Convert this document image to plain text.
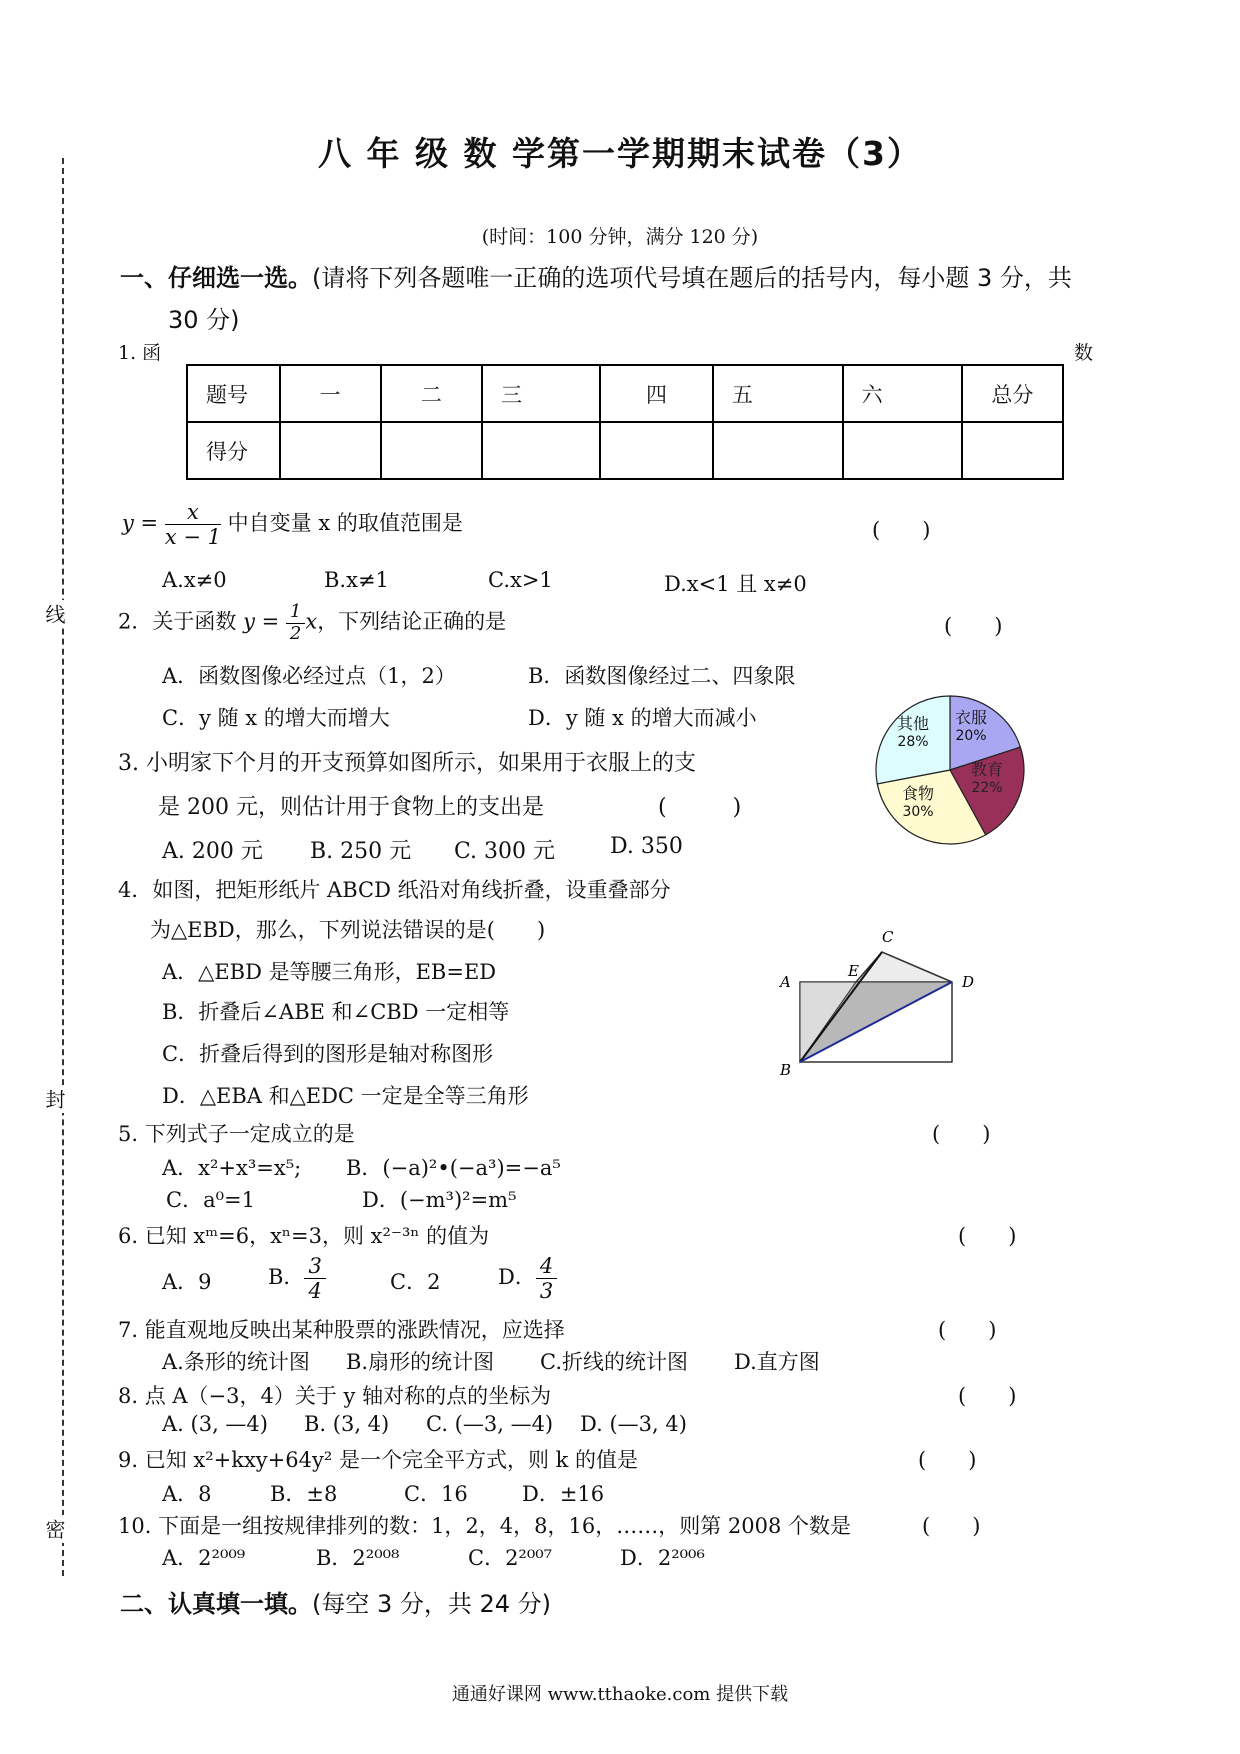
线
封
密
八 年 级 数 学第一学期期末试卷（3）
(时间：100 分钟，满分 120 分)
一、仔细选一选。(请将下列各题唯一正确的选项代号填在题后的括号内，每小题 3 分，共
30 分)
1. 函	数
题号	一	二	三	四	五	六	总分
得分							
$y = \frac{x}{x - 1}$ 中自变量 x 的取值范围是	(　　)
A.x≠0	B.x≠1	C.x>1	D.x<1 且 x≠0
2．关于函数 $y = \frac{1}{2}$ x，下列结论正确的是	(　　)
A．函数图像必经过点（1，2）	B．函数图像经过二、四象限
C．y 随 x 的增大而增大	D．y 随 x 的增大而减小
3. 小明家下个月的开支预算如图所示，如果用于衣服上的支
是 200 元，则估计用于食物上的支出是	(　　　)
A. 200 元 B. 250 元 C. 300 元 D. 350
衣服
20%
教育
22%
食物
30%
其他
28%
4．如图，把矩形纸片 ABCD 纸沿对角线折叠，设重叠部分
为△EBD，那么，下列说法错误的是(　　)
A．△EBD 是等腰三角形，EB=ED
B．折叠后∠ABE 和∠CBD 一定相等
C．折叠后得到的图形是轴对称图形
D．△EBA 和△EDC 一定是全等三角形
A
B
C
D
E
5. 下列式子一定成立的是	(　　)
A．x²+x³=x⁵; B．(−a)²•(−a³)=−a⁵
C．a⁰=1	D．(−m³)²=m⁵
6. 已知 xᵐ=6，xⁿ=3，则 x²⁻³ⁿ 的值为	(　　)
A．9	B． $\frac{3}{4}$	C．2	D． $\frac{4}{3}$
7. 能直观地反映出某种股票的涨跌情况，应选择	(　　)
A.条形的统计图 B.扇形的统计图 C.折线的统计图 D.直方图
8. 点 A（−3，4）关于 y 轴对称的点的坐标为	(　　)
A. (3, —4) B. (3, 4) C. (—3, —4) D. (—3, 4)
9. 已知 x²+kxy+64y² 是一个完全平方式，则 k 的值是	(　　)
A．8	B．±8	C．16	D．±16
10. 下面是一组按规律排列的数：1，2，4，8，16，……，则第 2008 个数是	(　　)
A．2²⁰⁰⁹	B．2²⁰⁰⁸	C．2²⁰⁰⁷	D．2²⁰⁰⁶
二、认真填一填。(每空 3 分，共 24 分)
通通好课网 www.tthaoke.com 提供下载
